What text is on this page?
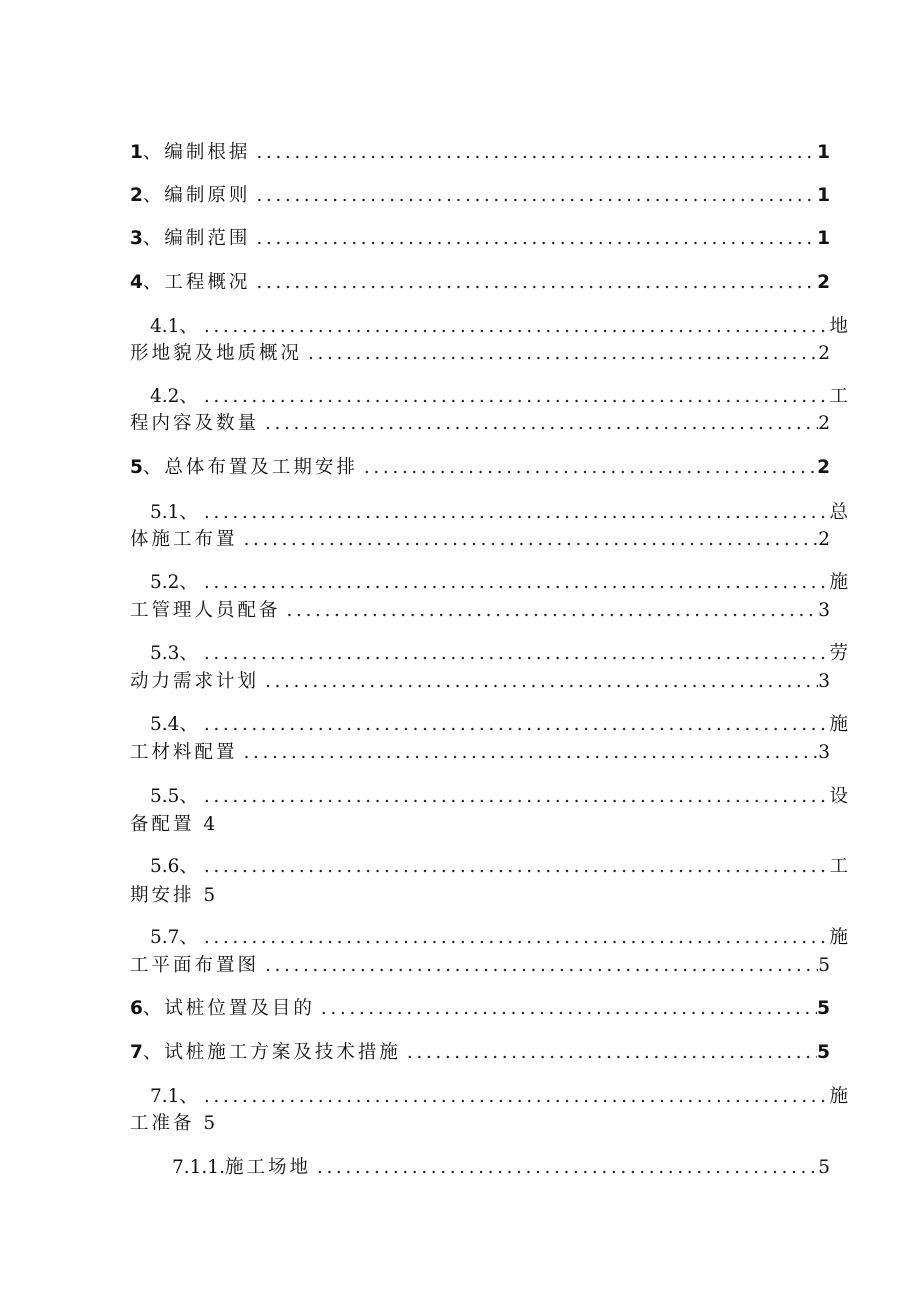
1 、编制根据 .....	1
2 、编制原则 .....	1
3 、编制范围 .....	1
4 、工程概况 .....	2
4.1、 .....	地
形地貌及地质概况 .....	2
4.2、 .....	工
程内容及数量 .....	2
5 、总体布置及工期安排 .....	2
5.1、 .....	总
体施工布置 .....	2
5.2、 .....	施
工管理人员配备 .....	3
5.3、 .....	劳
动力需求计划 .....	3
5.4、 .....	施
工材料配置 .....	3
5.5、 .....	设
备配置 4
5.6、 .....	工
期安排 5
5.7、 .....	施
工平面布置图 .....	5
6 、试桩位置及目的 .....	5
7 、试桩施工方案及技术措施 .....	5
7.1、 .....	施
工准备 5
7.1.1. 施工场地 .....	5
